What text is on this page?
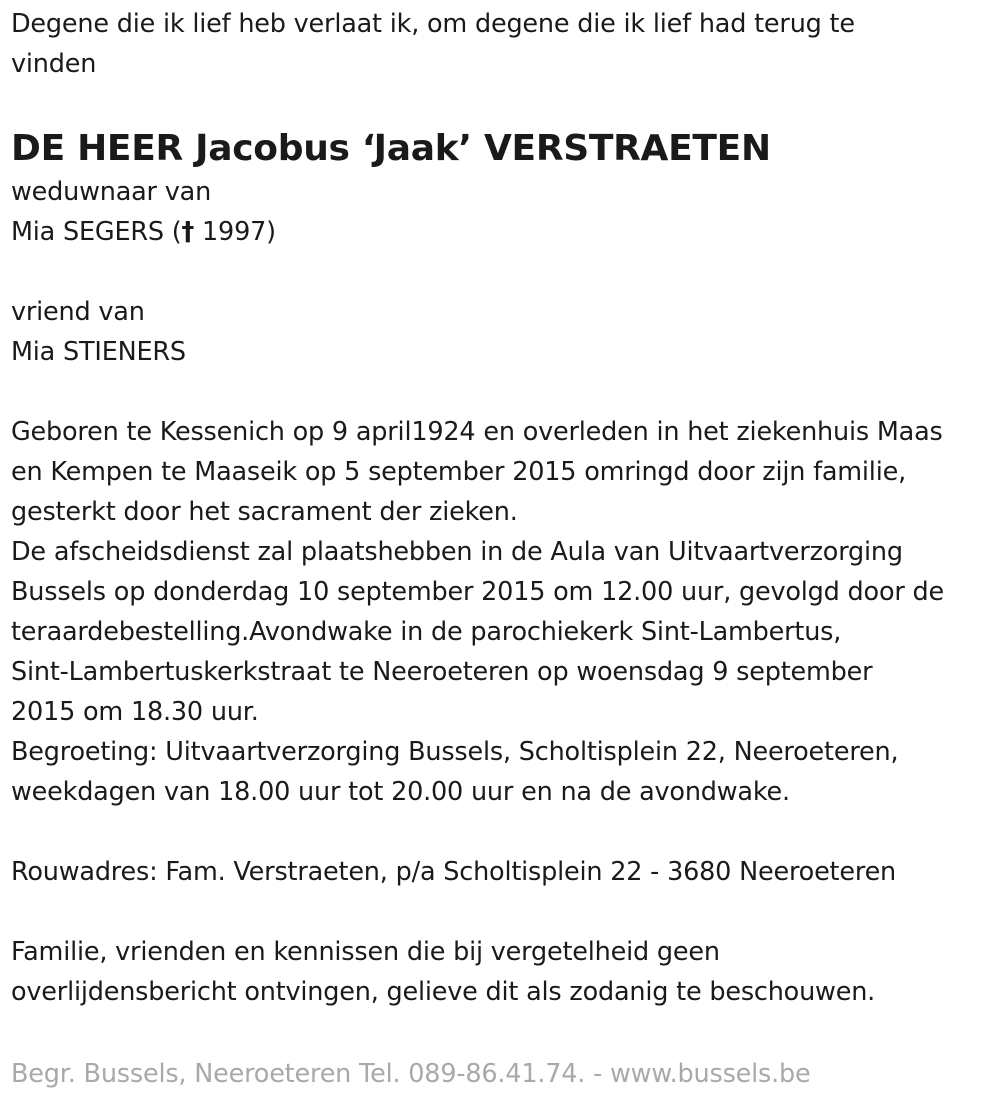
Degene die ik lief heb verlaat ik, om degene die ik lief had terug te
vinden
DE HEER Jacobus ‘Jaak’ VERSTRAETEN
weduwnaar van
Mia SEGERS († 1997)
vriend van
Mia STIENERS
Geboren te Kessenich op 9 april1924 en overleden in het ziekenhuis Maas
en Kempen te Maaseik op 5 september 2015 omringd door zijn familie,
gesterkt door het sacrament der zieken.
De afscheidsdienst zal plaatshebben in de Aula van Uitvaartverzorging
Bussels op donderdag 10 september 2015 om 12.00 uur, gevolgd door de
teraardebestelling.Avondwake in de parochiekerk Sint-Lambertus,
Sint-Lambertuskerkstraat te Neeroeteren op woensdag 9 september
2015 om 18.30 uur.
Begroeting: Uitvaartverzorging Bussels, Scholtisplein 22, Neeroeteren,
weekdagen van 18.00 uur tot 20.00 uur en na de avondwake.
Rouwadres: Fam. Verstraeten, p/a Scholtisplein 22 - 3680 Neeroeteren
Familie, vrienden en kennissen die bij vergetelheid geen
overlijdensbericht ontvingen, gelieve dit als zodanig te beschouwen.
Begr. Bussels, Neeroeteren Tel. 089-86.41.74. - www.bussels.be
